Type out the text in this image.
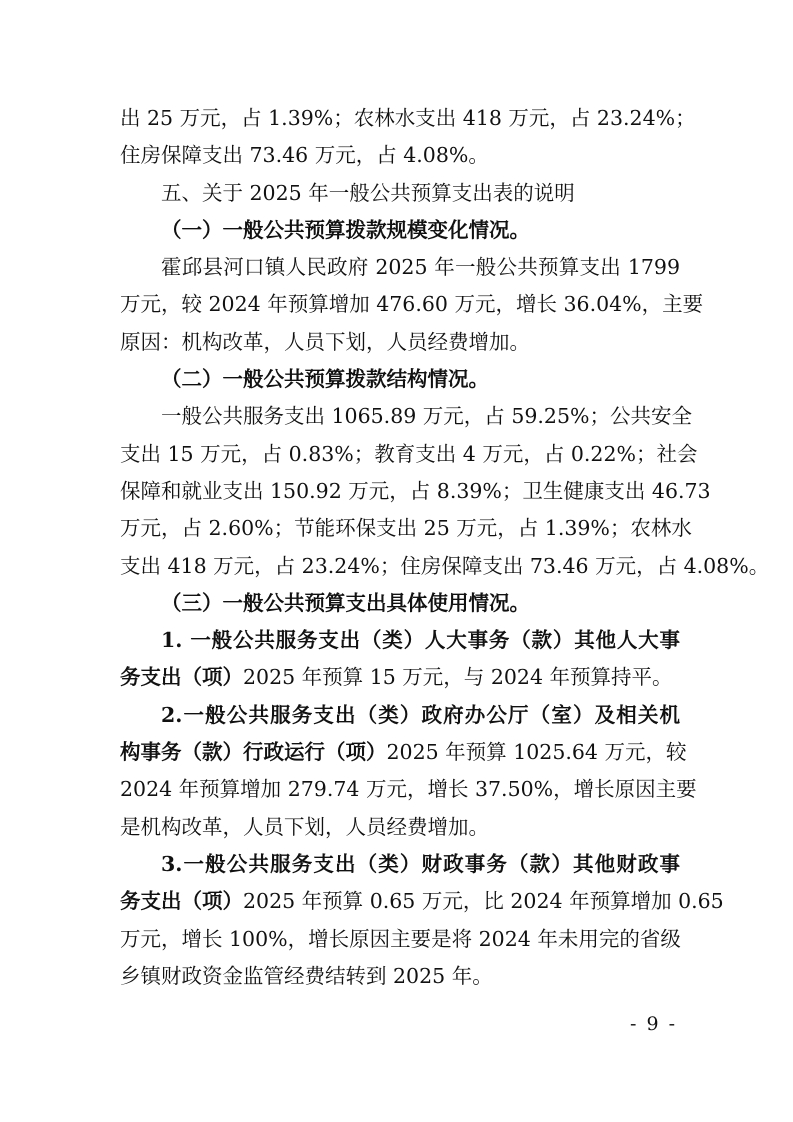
出 25 万元，占 1.39%；农林水支出 418 万元，占 23.24%；
住房保障支出 73.46 万元，占 4.08%。
五、关于 2025 年一般公共预算支出表的说明
（一）一般公共预算拨款规模变化情况。
霍邱县河口镇人民政府 2025 年一般公共预算支出 1799
万元，较 2024 年预算增加 476.60 万元，增长 36.04%，主要
原因：机构改革，人员下划，人员经费增加。
（二）一般公共预算拨款结构情况。
一般公共服务支出 1065.89 万元，占 59.25%；公共安全
支出 15 万元，占 0.83%；教育支出 4 万元，占 0.22%；社会
保障和就业支出 150.92 万元，占 8.39%；卫生健康支出 46.73
万元，占 2.60%；节能环保支出 25 万元，占 1.39%；农林水
支出 418 万元，占 23.24%；住房保障支出 73.46 万元，占 4.08%。
（三）一般公共预算支出具体使用情况。
1. 一般公共服务支出（类）人大事务（款）其他人大事
务支出（项）2025 年预算 15 万元，与 2024 年预算持平。
2.一般公共服务支出（类）政府办公厅（室）及相关机
构事务（款）行政运行（项）2025 年预算 1025.64 万元，较
2024 年预算增加 279.74 万元，增长 37.50%，增长原因主要
是机构改革，人员下划，人员经费增加。
3.一般公共服务支出（类）财政事务（款）其他财政事
务支出（项）2025 年预算 0.65 万元，比 2024 年预算增加 0.65
万元，增长 100%，增长原因主要是将 2024 年未用完的省级
乡镇财政资金监管经费结转到 2025 年。
- 9 -
